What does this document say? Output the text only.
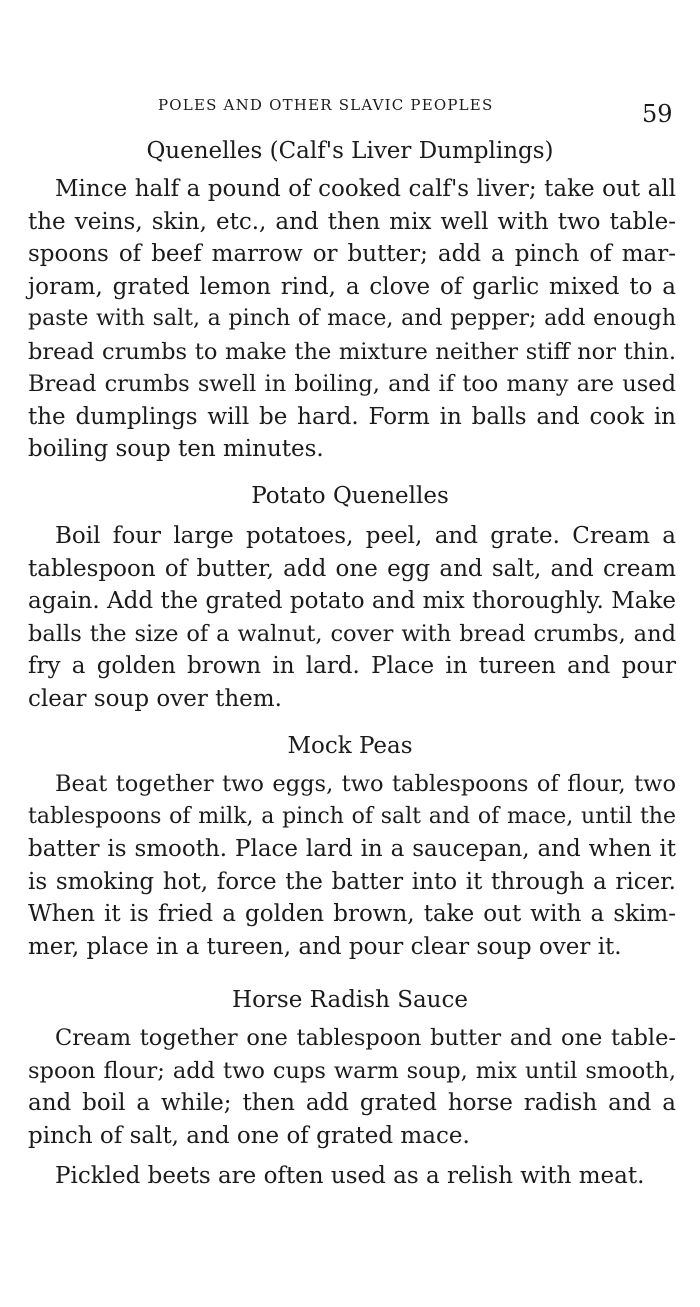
POLES AND OTHER SLAVIC PEOPLES	59
Quenelles (Calf's Liver Dumplings)
Mince half a pound of cooked calf's liver; take out all
the veins, skin, etc., and then mix well with two table-
spoons of beef marrow or butter; add a pinch of mar-
joram, grated lemon rind, a clove of garlic mixed to a
paste with salt, a pinch of mace, and pepper; add enough
bread crumbs to make the mixture neither stiff nor thin.
Bread crumbs swell in boiling, and if too many are used
the dumplings will be hard. Form in balls and cook in
boiling soup ten minutes.
Potato Quenelles
Boil four large potatoes, peel, and grate. Cream a
tablespoon of butter, add one egg and salt, and cream
again. Add the grated potato and mix thoroughly. Make
balls the size of a walnut, cover with bread crumbs, and
fry a golden brown in lard. Place in tureen and pour
clear soup over them.
Mock Peas
Beat together two eggs, two tablespoons of flour, two
tablespoons of milk, a pinch of salt and of mace, until the
batter is smooth. Place lard in a saucepan, and when it
is smoking hot, force the batter into it through a ricer.
When it is fried a golden brown, take out with a skim-
mer, place in a tureen, and pour clear soup over it.
Horse Radish Sauce
Cream together one tablespoon butter and one table-
spoon flour; add two cups warm soup, mix until smooth,
and boil a while; then add grated horse radish and a
pinch of salt, and one of grated mace.
Pickled beets are often used as a relish with meat.
